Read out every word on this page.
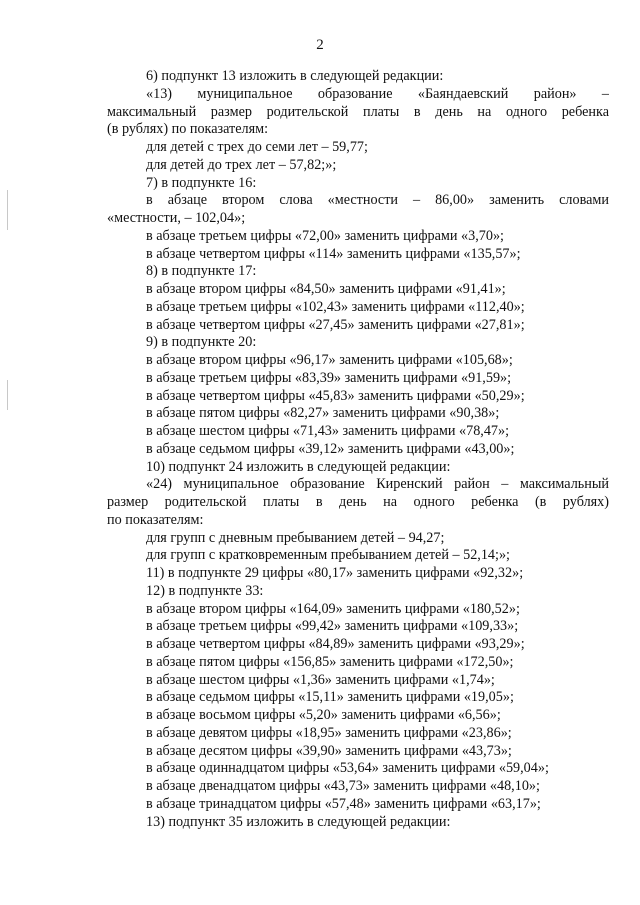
2
6) подпункт 13 изложить в следующей редакции:
«13) муниципальное образование «Баяндаевский район» –
максимальный размер родительской платы в день на одного ребенка
(в рублях) по показателям:
для детей с трех до семи лет – 59,77;
для детей до трех лет – 57,82;»;
7) в подпункте 16:
в абзаце втором слова «местности – 86,00» заменить словами
«местности, – 102,04»;
в абзаце третьем цифры «72,00» заменить цифрами «3,70»;
в абзаце четвертом цифры «114» заменить цифрами «135,57»;
8) в подпункте 17:
в абзаце втором цифры «84,50» заменить цифрами «91,41»;
в абзаце третьем цифры «102,43» заменить цифрами «112,40»;
в абзаце четвертом цифры «27,45» заменить цифрами «27,81»;
9) в подпункте 20:
в абзаце втором цифры «96,17» заменить цифрами «105,68»;
в абзаце третьем цифры «83,39» заменить цифрами «91,59»;
в абзаце четвертом цифры «45,83» заменить цифрами «50,29»;
в абзаце пятом цифры «82,27» заменить цифрами «90,38»;
в абзаце шестом цифры «71,43» заменить цифрами «78,47»;
в абзаце седьмом цифры «39,12» заменить цифрами «43,00»;
10) подпункт 24 изложить в следующей редакции:
«24) муниципальное образование Киренский район – максимальный
размер родительской платы в день на одного ребенка (в рублях)
по показателям:
для групп с дневным пребыванием детей – 94,27;
для групп с кратковременным пребыванием детей – 52,14;»;
11) в подпункте 29 цифры «80,17» заменить цифрами «92,32»;
12) в подпункте 33:
в абзаце втором цифры «164,09» заменить цифрами «180,52»;
в абзаце третьем цифры «99,42» заменить цифрами «109,33»;
в абзаце четвертом цифры «84,89» заменить цифрами «93,29»;
в абзаце пятом цифры «156,85» заменить цифрами «172,50»;
в абзаце шестом цифры «1,36» заменить цифрами «1,74»;
в абзаце седьмом цифры «15,11» заменить цифрами «19,05»;
в абзаце восьмом цифры «5,20» заменить цифрами «6,56»;
в абзаце девятом цифры «18,95» заменить цифрами «23,86»;
в абзаце десятом цифры «39,90» заменить цифрами «43,73»;
в абзаце одиннадцатом цифры «53,64» заменить цифрами «59,04»;
в абзаце двенадцатом цифры «43,73» заменить цифрами «48,10»;
в абзаце тринадцатом цифры «57,48» заменить цифрами «63,17»;
13) подпункт 35 изложить в следующей редакции:
